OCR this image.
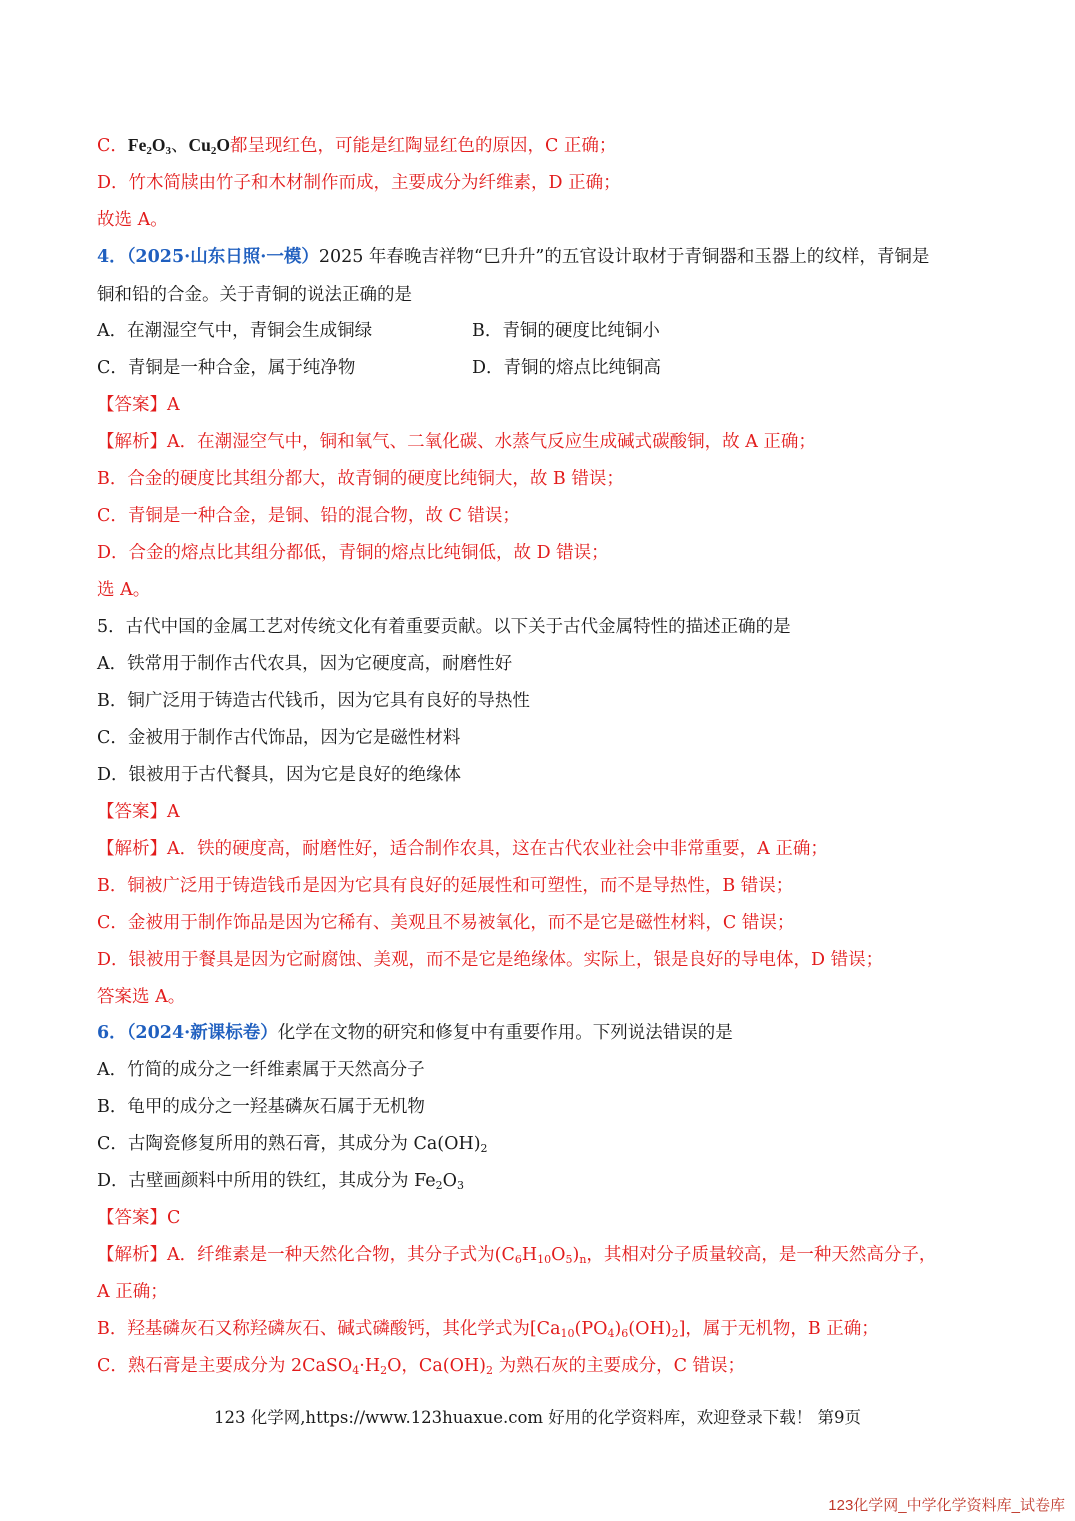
C．$Fe_2O_3$、$Cu_2O$都呈现红色，可能是红陶显红色的原因，C 正确；
D．竹木简牍由竹子和木材制作而成，主要成分为纤维素，D 正确；
故选 A。
4．（2025·山东日照·一模）2025 年春晚吉祥物“巳升升”的五官设计取材于青铜器和玉器上的纹样，青铜是
铜和铅的合金。关于青铜的说法正确的是
A．在潮湿空气中，青铜会生成铜绿	B．青铜的硬度比纯铜小
C．青铜是一种合金，属于纯净物	D．青铜的熔点比纯铜高
【答案】A
【解析】A．在潮湿空气中，铜和氧气、二氧化碳、水蒸气反应生成碱式碳酸铜，故 A 正确；
B．合金的硬度比其组分都大，故青铜的硬度比纯铜大，故 B 错误；
C．青铜是一种合金，是铜、铅的混合物，故 C 错误；
D．合金的熔点比其组分都低，青铜的熔点比纯铜低，故 D 错误；
选 A。
5．古代中国的金属工艺对传统文化有着重要贡献。以下关于古代金属特性的描述正确的是
A．铁常用于制作古代农具，因为它硬度高，耐磨性好
B．铜广泛用于铸造古代钱币，因为它具有良好的导热性
C．金被用于制作古代饰品，因为它是磁性材料
D．银被用于古代餐具，因为它是良好的绝缘体
【答案】A
【解析】A．铁的硬度高，耐磨性好，适合制作农具，这在古代农业社会中非常重要，A 正确；
B．铜被广泛用于铸造钱币是因为它具有良好的延展性和可塑性，而不是导热性，B 错误；
C．金被用于制作饰品是因为它稀有、美观且不易被氧化，而不是它是磁性材料，C 错误；
D．银被用于餐具是因为它耐腐蚀、美观，而不是它是绝缘体。实际上，银是良好的导电体，D 错误；
答案选 A。
6．（2024·新课标卷）化学在文物的研究和修复中有重要作用。下列说法错误的是
A．竹简的成分之一纤维素属于天然高分子
B．龟甲的成分之一羟基磷灰石属于无机物
C．古陶瓷修复所用的熟石膏，其成分为 $Ca(OH)_2$
D．古壁画颜料中所用的铁红，其成分为 $Fe_2O_3$
【答案】C
【解析】A．纤维素是一种天然化合物，其分子式为$(C_6H_{10}O_5)_n$，其相对分子质量较高，是一种天然高分子，
A 正确；
B．羟基磷灰石又称羟磷灰石、碱式磷酸钙，其化学式为$[Ca_{10}(PO_4)_6(OH)_2]$，属于无机物，B 正确；
C．熟石膏是主要成分为 $2CaSO_4\cdot H_2O$，$Ca(OH)_2$ 为熟石灰的主要成分，C 错误；
123 化学网,https://www.123huaxue.com 好用的化学资料库，欢迎登录下载！ 第9页
123化学网_中学化学资料库_试卷库
